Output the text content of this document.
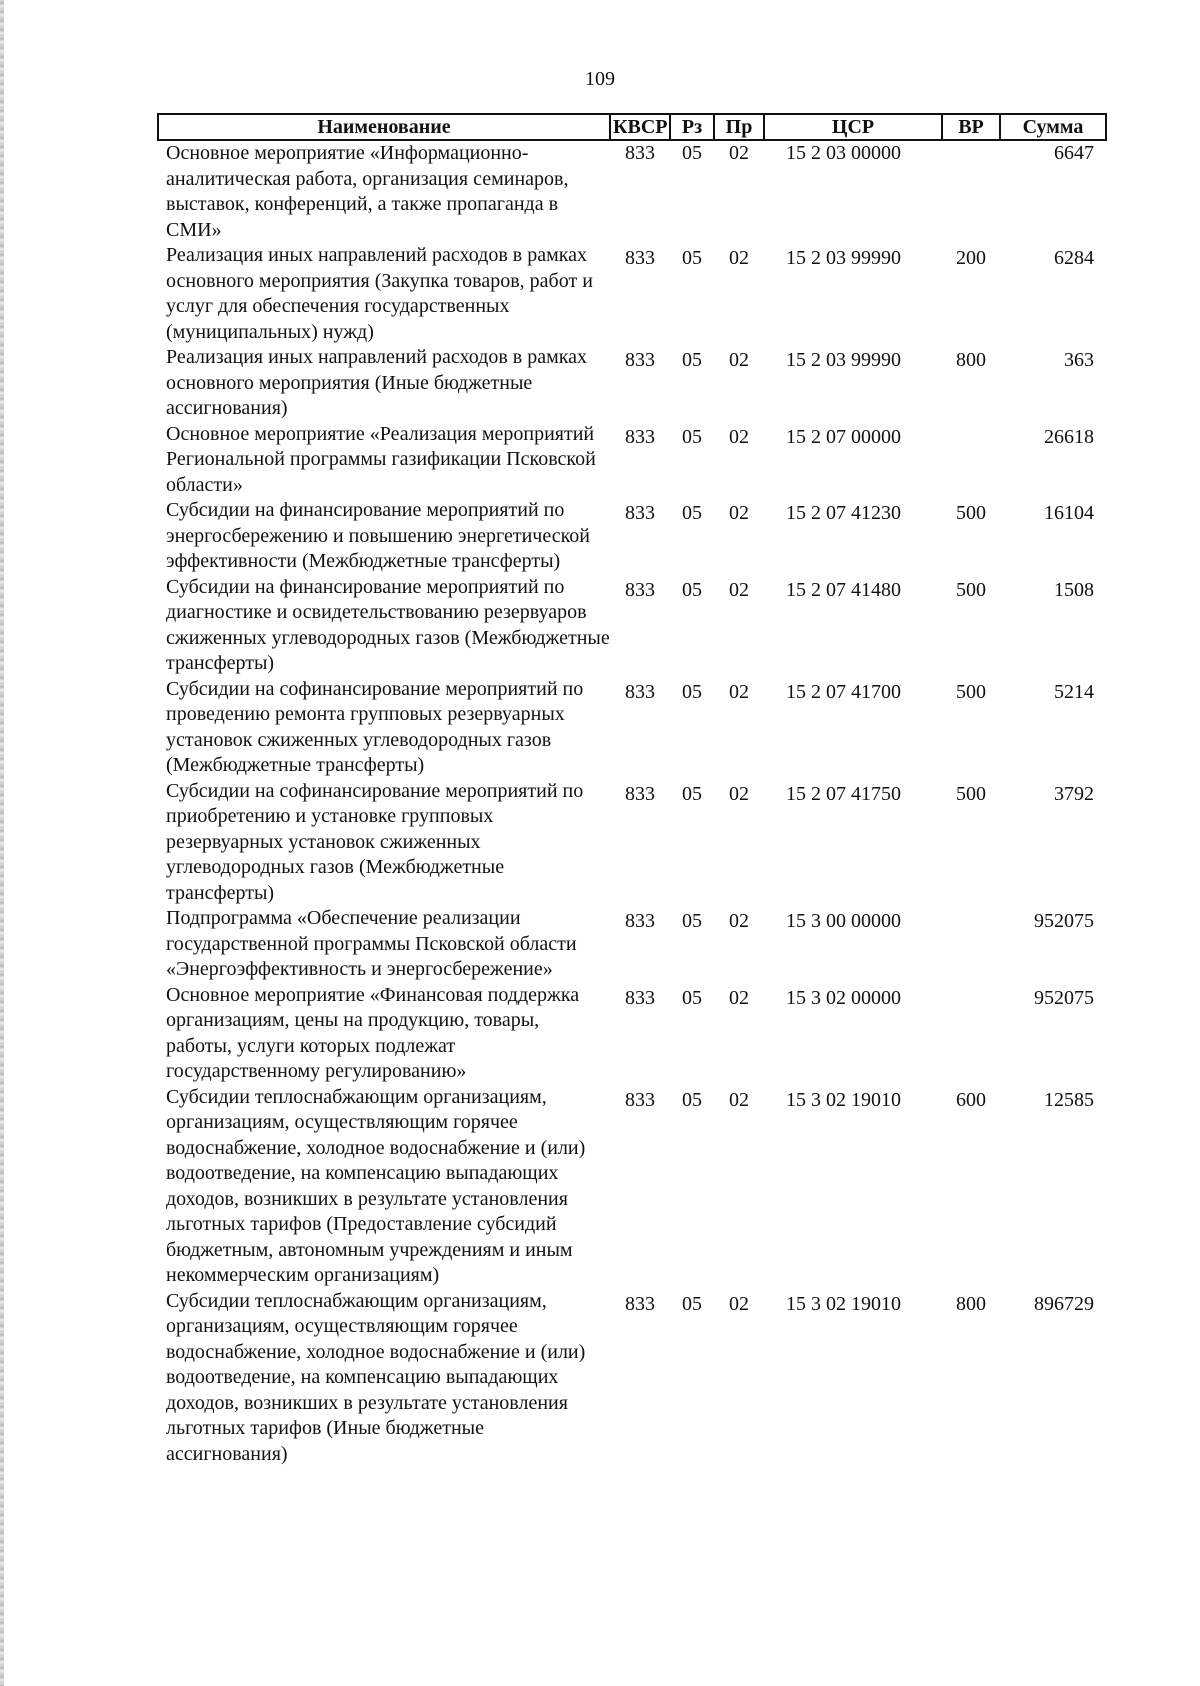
109
Наименование	КВСР	Рз	Пр	ЦСР	ВР	Сумма
Основное мероприятие «Информационно-аналитическая работа, организация семинаров, выставок, конференций, а также пропаганда в СМИ»	833	05	02	15 2 03 00000		6647
Реализация иных направлений расходов в рамках основного мероприятия (Закупка товаров, работ и услуг для обеспечения государственных (муниципальных) нужд)	833	05	02	15 2 03 99990	200	6284
Реализация иных направлений расходов в рамках основного мероприятия (Иные бюджетные ассигнования)	833	05	02	15 2 03 99990	800	363
Основное мероприятие «Реализация мероприятий Региональной программы газификации Псковской области»	833	05	02	15 2 07 00000		26618
Субсидии на финансирование мероприятий по энергосбережению и повышению энергетической эффективности (Межбюджетные трансферты)	833	05	02	15 2 07 41230	500	16104
Субсидии на финансирование мероприятий по диагностике и освидетельствованию резервуаров сжиженных углеводородных газов (Межбюджетные трансферты)	833	05	02	15 2 07 41480	500	1508
Субсидии на софинансирование мероприятий по проведению ремонта групповых резервуарных установок сжиженных углеводородных газов (Межбюджетные трансферты)	833	05	02	15 2 07 41700	500	5214
Субсидии на софинансирование мероприятий по приобретению и установке групповых резервуарных установок сжиженных углеводородных газов (Межбюджетные трансферты)	833	05	02	15 2 07 41750	500	3792
Подпрограмма «Обеспечение реализации государственной программы Псковской области «Энергоэффективность и энергосбережение»	833	05	02	15 3 00 00000		952075
Основное мероприятие «Финансовая поддержка организациям, цены на продукцию, товары, работы, услуги которых подлежат государственному регулированию»	833	05	02	15 3 02 00000		952075
Субсидии теплоснабжающим организациям, организациям, осуществляющим горячее водоснабжение, холодное водоснабжение и (или) водоотведение, на компенсацию выпадающих доходов, возникших в результате установления льготных тарифов (Предоставление субсидий бюджетным, автономным учреждениям и иным некоммерческим организациям)	833	05	02	15 3 02 19010	600	12585
Субсидии теплоснабжающим организациям, организациям, осуществляющим горячее водоснабжение, холодное водоснабжение и (или) водоотведение, на компенсацию выпадающих доходов, возникших в результате установления льготных тарифов (Иные бюджетные ассигнования)	833	05	02	15 3 02 19010	800	896729
